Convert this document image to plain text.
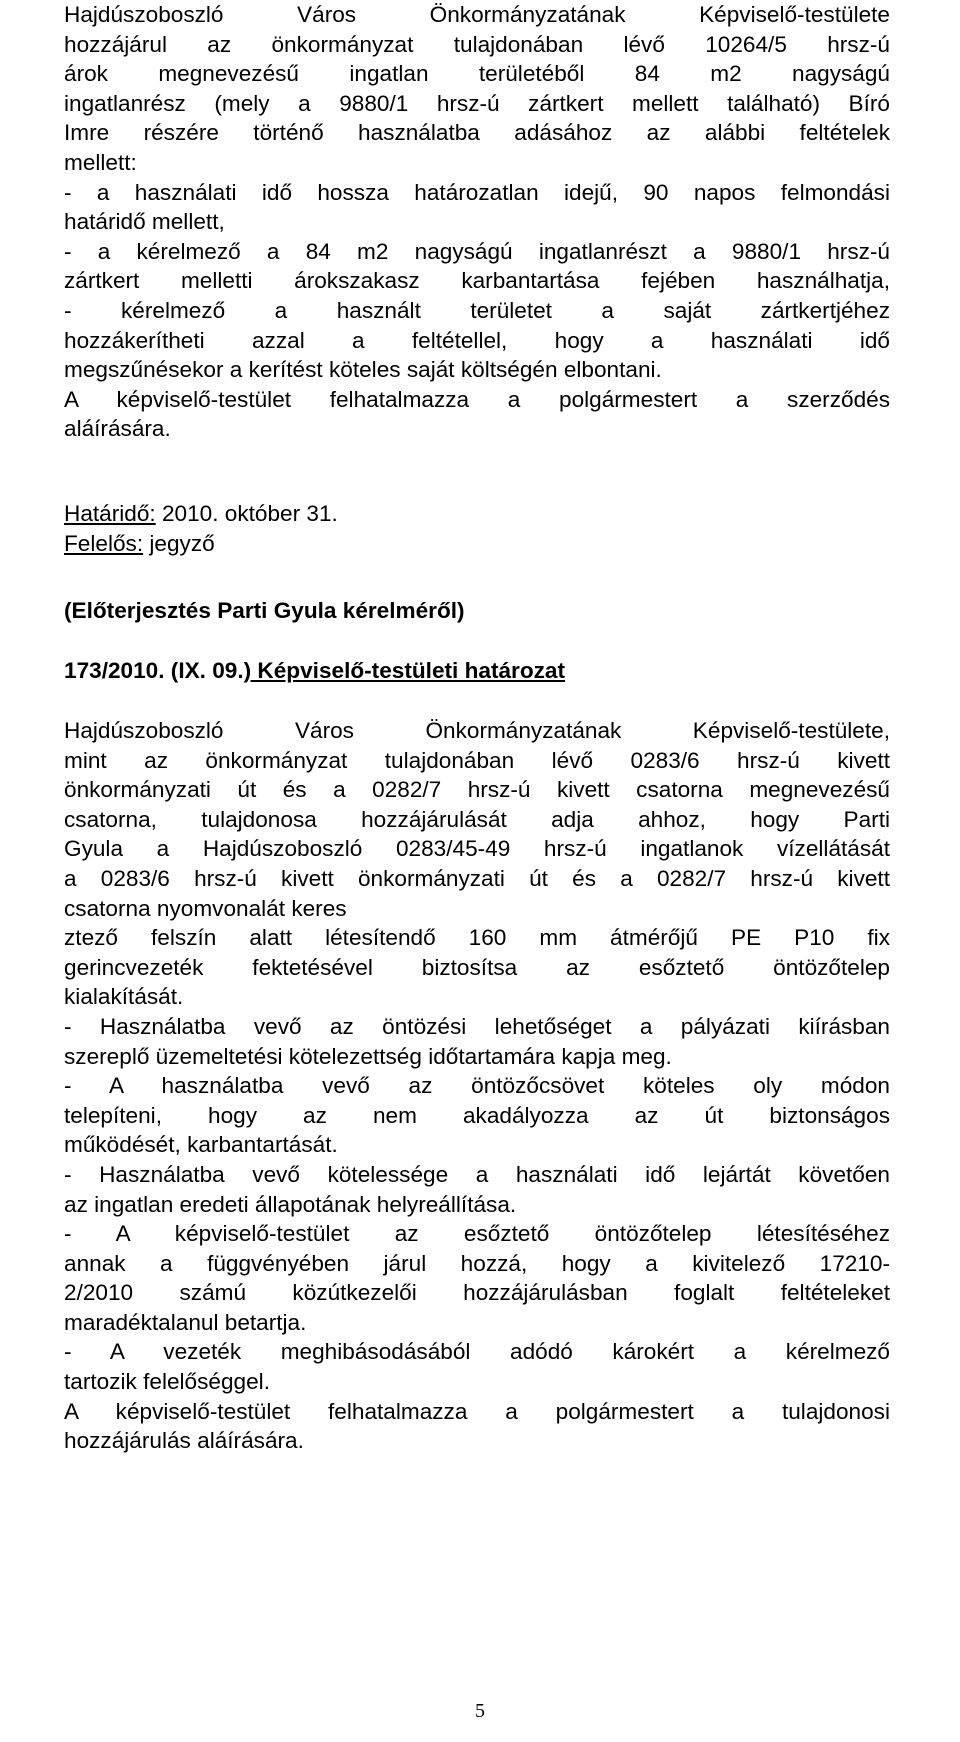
Hajdúszoboszló Város Önkormányzatának Képviselő-testülete
hozzájárul az önkormányzat tulajdonában lévő 10264/5 hrsz-ú
árok megnevezésű ingatlan területéből 84 m2 nagyságú
ingatlanrész (mely a 9880/1 hrsz-ú zártkert mellett található) Bíró
Imre részére történő használatba adásához az alábbi feltételek
mellett:
- a használati idő hossza határozatlan idejű, 90 napos felmondási
határidő mellett,
- a kérelmező a 84 m2 nagyságú ingatlanrészt a 9880/1 hrsz-ú
zártkert melletti árokszakasz karbantartása fejében használhatja,
- kérelmező a használt területet a saját zártkertjéhez
hozzákerítheti azzal a feltétellel, hogy a használati idő
megszűnésekor a kerítést köteles saját költségén elbontani.
A képviselő-testület felhatalmazza a polgármestert a szerződés
aláírására.
Határidő: 2010. október 31.
Felelős: jegyző
(Előterjesztés Parti Gyula kérelméről)
173/2010. (IX. 09.) Képviselő-testületi határozat
Hajdúszoboszló Város Önkormányzatának Képviselő-testülete,
mint az önkormányzat tulajdonában lévő 0283/6 hrsz-ú kivett
önkormányzati út és a 0282/7 hrsz-ú kivett csatorna megnevezésű
csatorna, tulajdonosa hozzájárulását adja ahhoz, hogy Parti
Gyula a Hajdúszoboszló 0283/45-49 hrsz-ú ingatlanok vízellátását
a 0283/6 hrsz-ú kivett önkormányzati út és a 0282/7 hrsz-ú kivett
csatorna nyomvonalát keres
ztező felszín alatt létesítendő 160 mm átmérőjű PE P10 fix
gerincvezeték fektetésével biztosítsa az esőztető öntözőtelep
kialakítását.
- Használatba vevő az öntözési lehetőséget a pályázati kiírásban
szereplő üzemeltetési kötelezettség időtartamára kapja meg.
- A használatba vevő az öntözőcsövet köteles oly módon
telepíteni, hogy az nem akadályozza az út biztonságos
működését, karbantartását.
- Használatba vevő kötelessége a használati idő lejártát követően
az ingatlan eredeti állapotának helyreállítása.
- A képviselő-testület az esőztető öntözőtelep létesítéséhez
annak a függvényében járul hozzá, hogy a kivitelező 17210-
2/2010 számú közútkezelői hozzájárulásban foglalt feltételeket
maradéktalanul betartja.
- A vezeték meghibásodásából adódó károkért a kérelmező
tartozik felelőséggel.
A képviselő-testület felhatalmazza a polgármestert a tulajdonosi
hozzájárulás aláírására.
5
